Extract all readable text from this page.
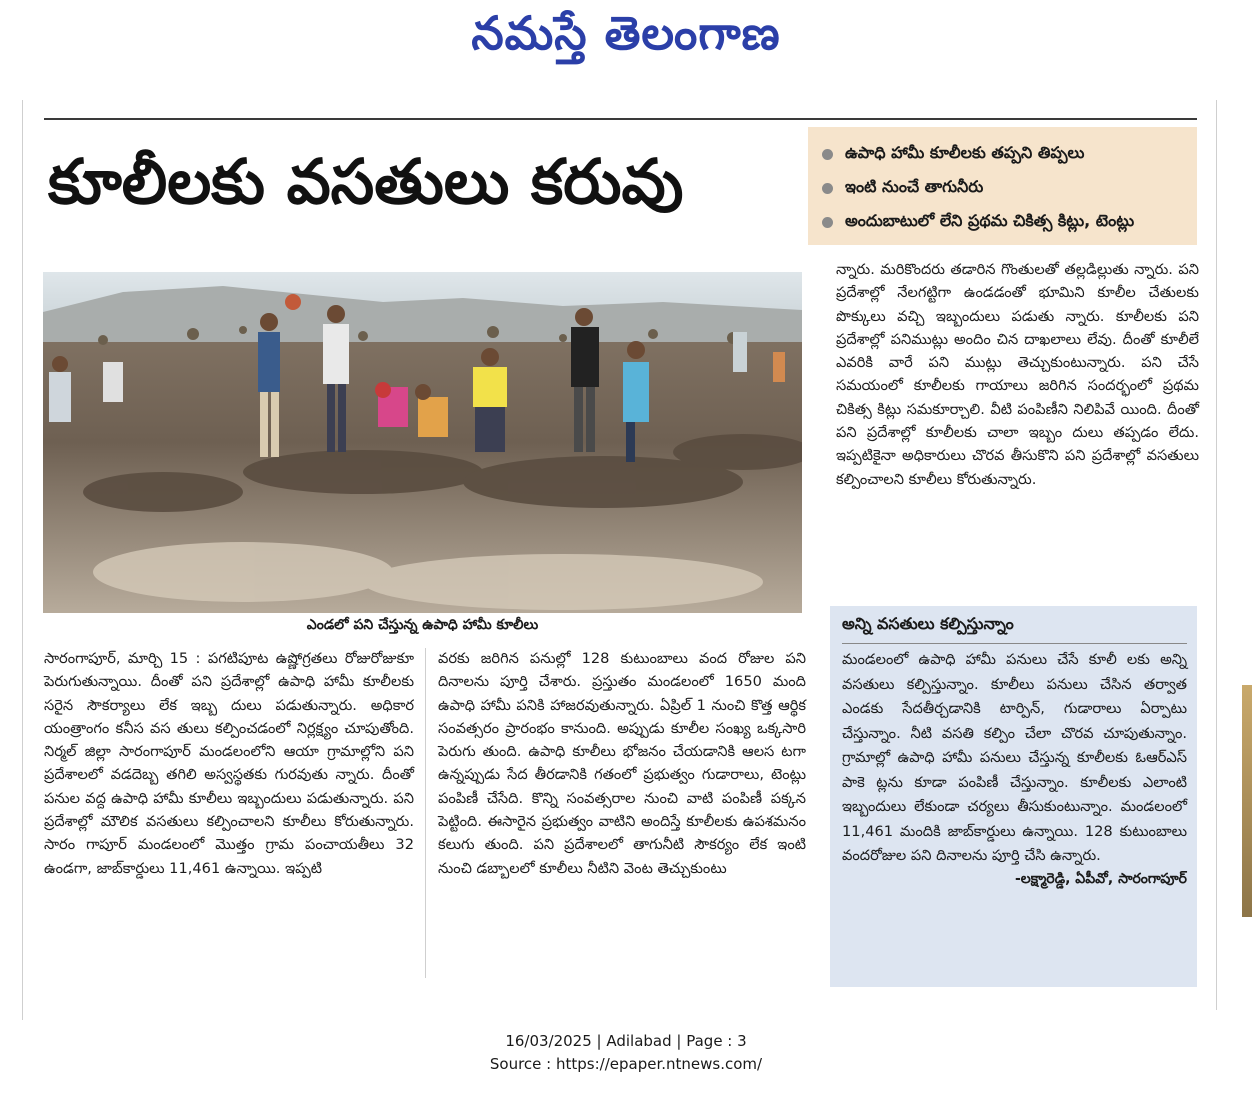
నమస్తే తెలంగాణ
కూలీలకు వసతులు కరువు	ఉపాధి హామీ కూలీలకు తప్పని తిప్పలు
ఇంటి నుంచే తాగునీరు
అందుబాటులో లేని ప్రథమ చికిత్స కిట్లు, టెంట్లు
ఎండలో పని చేస్తున్న ఉపాధి హామీ కూలీలు

సారంగాపూర్, మార్చి 15 : పగటిపూట ఉష్ణోగ్రతలు రోజురోజుకూ పెరుగుతున్నాయి. దీంతో పని ప్రదేశాల్లో ఉపాధి హామీ కూలీలకు సరైన సౌకర్యాలు లేక ఇబ్బ దులు పడుతున్నారు. అధికార యంత్రాంగం కనీస వస తులు కల్పించడంలో నిర్లక్ష్యం చూపుతోంది. నిర్మల్ జిల్లా సారంగాపూర్ మండలంలోని ఆయా గ్రామాల్లోని పని ప్రదేశాలలో వడదెబ్బ తగిలి అస్వస్థతకు గురవుతు న్నారు. దీంతో పనుల వద్ద ఉపాధి హామీ కూలీలు ఇబ్బందులు పడుతున్నారు. పని ప్రదేశాల్లో మౌలిక వసతులు కల్పించాలని కూలీలు కోరుతున్నారు. సారం గాపూర్ మండలంలో మొత్తం గ్రామ పంచాయతీలు 32 ఉండగా, జాబ్‌కార్డులు 11,461 ఉన్నాయి. ఇప్పటి

వరకు జరిగిన పనుల్లో 128 కుటుంబాలు వంద రోజుల పని దినాలను పూర్తి చేశారు. ప్రస్తుతం మండలంలో 1650 మంది ఉపాధి హామీ పనికి హాజరవుతున్నారు. ఏప్రిల్ 1 నుంచి కొత్త ఆర్థిక సంవత్సరం ప్రారంభం కానుంది. అప్పుడు కూలీల సంఖ్య ఒక్కసారి పెరుగు తుంది. ఉపాధి కూలీలు భోజనం చేయడానికి ఆలస టగా ఉన్నప్పుడు సేద తీరడానికి గతంలో ప్రభుత్వం గుడారాలు, టెంట్లు పంపిణీ చేసేది. కొన్ని సంవత్సరాల నుంచి వాటి పంపిణీ పక్కన పెట్టింది. ఈసారైన ప్రభుత్వం వాటిని అందిస్తే కూలీలకు ఉపశమనం కలుగు తుంది. పని ప్రదేశాలలో తాగునీటి సౌకర్యం లేక ఇంటి నుంచి డబ్బాలలో కూలీలు నీటిని వెంట తెచ్చుకుంటు

న్నారు. మరికొందరు తడారిన గొంతులతో తల్లడిల్లుతు న్నారు. పని ప్రదేశాల్లో నేలగట్టిగా ఉండడంతో భూమిని కూలీల చేతులకు పొక్కులు వచ్చి ఇబ్బందులు పడుతు న్నారు. కూలీలకు పని ప్రదేశాల్లో పనిముట్లు అందిం చిన దాఖలాలు లేవు. దీంతో కూలీలే ఎవరికి వారే పని ముట్లు తెచ్చుకుంటున్నారు. పని చేసే సమయంలో కూలీలకు గాయాలు జరిగిన సందర్భంలో ప్రథమ చికిత్స కిట్లు సమకూర్చాలి. వీటి పంపిణీని నిలిపివే యింది. దీంతో పని ప్రదేశాల్లో కూలీలకు చాలా ఇబ్బం దులు తప్పడం లేదు. ఇప్పటికైనా అధికారులు చొరవ తీసుకొని పని ప్రదేశాల్లో వసతులు కల్పించాలని కూలీలు కోరుతున్నారు.

అన్ని వసతులు కల్పిస్తున్నాం
మండలంలో ఉపాధి హామీ పనులు చేసే కూలీ లకు అన్ని వసతులు కల్పిస్తున్నాం. కూలీలు పనులు చేసిన తర్వాత ఎండకు సేదతీర్చడానికి టార్పిన్, గుడారాలు ఏర్పాటు చేస్తున్నాం. నీటి వసతి కల్పిం చేలా చొరవ చూపుతున్నాం. గ్రామాల్లో ఉపాధి హామీ పనులు చేస్తున్న కూలీలకు ఓఆర్‌ఎస్ పాకె ట్లను కూడా పంపిణీ చేస్తున్నాం. కూలీలకు ఎలాంటి ఇబ్బందులు లేకుండా చర్యలు తీసుకుంటున్నాం. మండలంలో 11,461 మందికి జాబ్‌కార్డులు ఉన్నాయి. 128 కుటుంబాలు వందరోజుల పని దినాలను పూర్తి చేసి ఉన్నారు.
-లక్ష్మారెడ్డి, ఏపీవో, సారంగాపూర్
16/03/2025 | Adilabad | Page : 3
Source : https://epaper.ntnews.com/
